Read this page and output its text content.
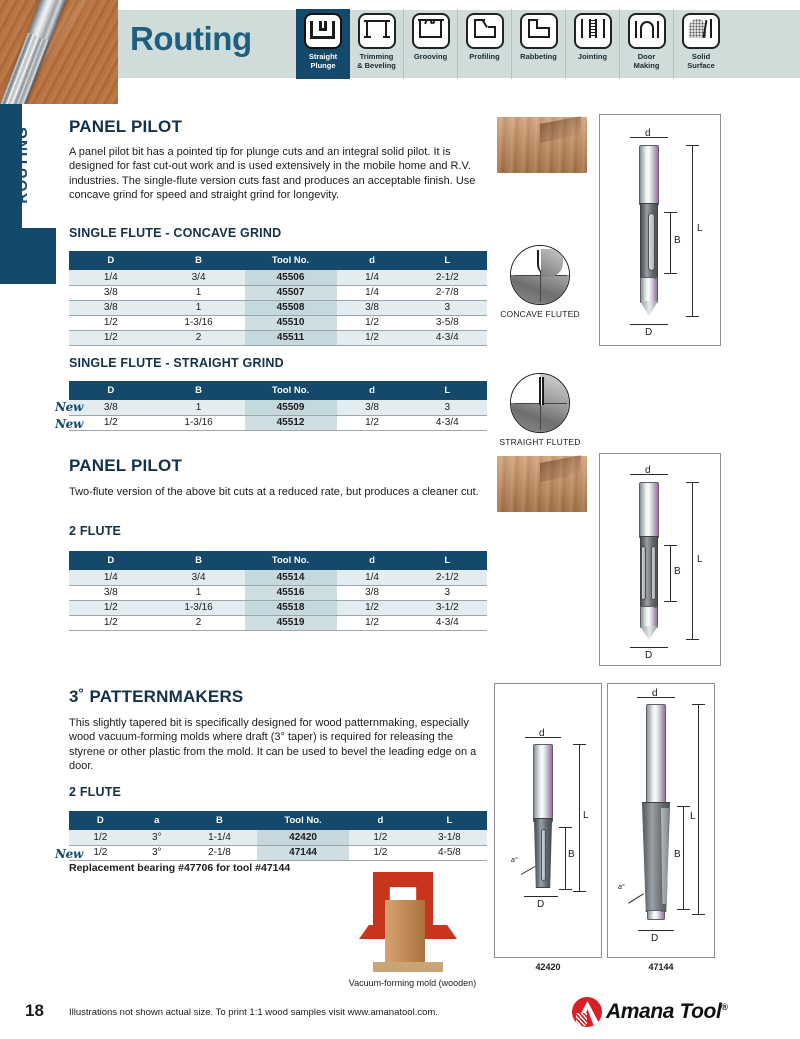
Routing	Straight
Plunge
Trimming
& Beveling
Grooving	Profiling	Rabbeting	Jointing	Door
Making
Solid
Surface
ROUTING PANEL PILOT
A panel pilot bit has a pointed tip for plunge cuts and an integral solid pilot. It is designed for fast cut-out work and is used extensively in the mobile home and R.V. industries. The single-flute version cuts fast and produces an acceptable finish. Use concave grind for speed and straight grind for longevity.
SINGLE FLUTE - CONCAVE GRIND
D	B	Tool No.	d	L
1/4	3/4	45506	1/4	2-1/2
3/8	1	45507	1/4	2-7/8
3/8	1	45508	3/8	3
1/2	1-3/16	45510	1/2	3-5/8
1/2	2	45511	1/2	4-3/4
SINGLE FLUTE - STRAIGHT GRIND
D	B	Tool No.	d	L
3/8	1	45509	3/8	3
1/2	1-3/16	45512	1/2	4-3/4
PANEL PILOT
Two-flute version of the above bit cuts at a reduced rate, but produces a cleaner cut.
2 FLUTE
D	B	Tool No.	d	L
1/4	3/4	45514	1/4	2-1/2
3/8	1	45516	3/8	3
1/2	1-3/16	45518	1/2	3-1/2
1/2	2	45519	1/2	4-3/4
3˚ PATTERNMAKERS
This slightly tapered bit is specifically designed for wood patternmaking, especially wood vacuum-forming molds where draft (3° taper) is required for releasing the styrene or other plastic from the mold. It can be used to bevel the leading edge on a door.
2 FLUTE
D	a	B	Tool No.	d	L
1/2	3°	1-1/4	42420	1/2	3-1/8
1/2	3°	2-1/8	47144	1/2	4-5/8
Replacement bearing #47706 for tool #47144
CONCAVE FLUTED
STRAIGHT FLUTED
d
L
B
D
d
L
B
D
d
L
B
D
a°
42420
d
L
B
D
a°
47144
Vacuum-forming mold (wooden)
18	Illustrations not shown actual size. To print 1:1 wood samples visit www.amanatool.com.	Amana Tool®
New
New
New
